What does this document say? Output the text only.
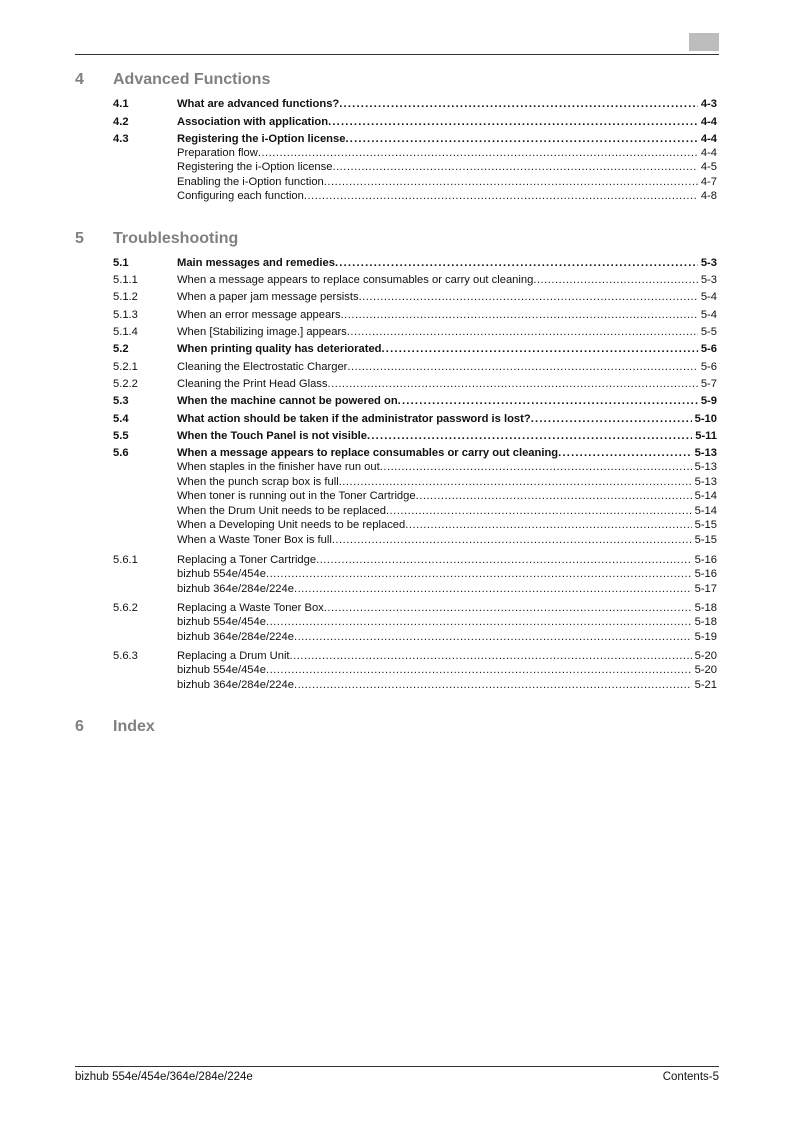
4 Advanced Functions
5 Troubleshooting
6 Index
4.1	What are advanced functions? .....	4-3
4.2	Association with application .....	4-4
4.3	Registering the i-Option license .....	4-4
Preparation flow .....	4-4
Registering the i-Option license .....	4-5
Enabling the i-Option function .....	4-7
Configuring each function .....	4-8
5.1	Main messages and remedies .....	5-3
5.1.1	When a message appears to replace consumables or carry out cleaning .....	5-3
5.1.2	When a paper jam message persists .....	5-4
5.1.3	When an error message appears .....	5-4
5.1.4	When [Stabilizing image.] appears .....	5-5
5.2	When printing quality has deteriorated .....	5-6
5.2.1	Cleaning the Electrostatic Charger .....	5-6
5.2.2	Cleaning the Print Head Glass .....	5-7
5.3	When the machine cannot be powered on .....	5-9
5.4	What action should be taken if the administrator password is lost? .....	5-10
5.5	When the Touch Panel is not visible .....	5-11
5.6	When a message appears to replace consumables or carry out cleaning .....	5-13
When staples in the finisher have run out .....	5-13
When the punch scrap box is full .....	5-13
When toner is running out in the Toner Cartridge .....	5-14
When the Drum Unit needs to be replaced .....	5-14
When a Developing Unit needs to be replaced .....	5-15
When a Waste Toner Box is full .....	5-15
5.6.1	Replacing a Toner Cartridge .....	5-16
bizhub 554e/454e .....	5-16
bizhub 364e/284e/224e .....	5-17
5.6.2	Replacing a Waste Toner Box .....	5-18
bizhub 554e/454e .....	5-18
bizhub 364e/284e/224e .....	5-19
5.6.3	Replacing a Drum Unit .....	5-20
bizhub 554e/454e .....	5-20
bizhub 364e/284e/224e .....	5-21
bizhub 554e/454e/364e/284e/224e	Contents-5
